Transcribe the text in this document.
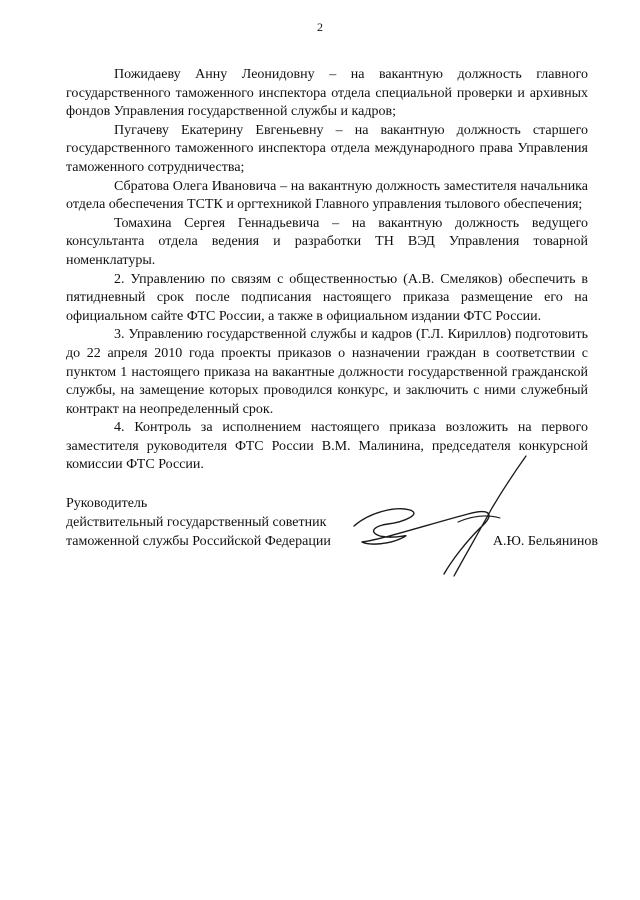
2

Пожидаеву Анну Леонидовну – на вакантную должность главного государственного таможенного инспектора отдела специальной проверки и архивных фондов Управления государственной службы и кадров;

Пугачеву Екатерину Евгеньевну – на вакантную должность старшего государственного таможенного инспектора отдела международного права Управления таможенного сотрудничества;

Сбратова Олега Ивановича – на вакантную должность заместителя начальника отдела обеспечения ТСТК и оргтехникой Главного управления тылового обеспечения;

Томахина Сергея Геннадьевича – на вакантную должность ведущего консультанта отдела ведения и разработки ТН ВЭД Управления товарной номенклатуры.

2. Управлению по связям с общественностью (А.В. Смеляков) обеспечить в пятидневный срок после подписания настоящего приказа размещение его на официальном сайте ФТС России, а также в официальном издании ФТС России.

3. Управлению государственной службы и кадров (Г.Л. Кириллов) подготовить до 22 апреля 2010 года проекты приказов о назначении граждан в соответствии с пунктом 1 настоящего приказа на вакантные должности государственной гражданской службы, на замещение которых проводился конкурс, и заключить с ними служебный контракт на неопределенный срок.

4. Контроль за исполнением настоящего приказа возложить на первого заместителя руководителя ФТС России В.М. Малинина, председателя конкурсной комиссии ФТС России.

Руководитель
действительный государственный советник
таможенной службы Российской Федерации	А.Ю. Бельянинов
